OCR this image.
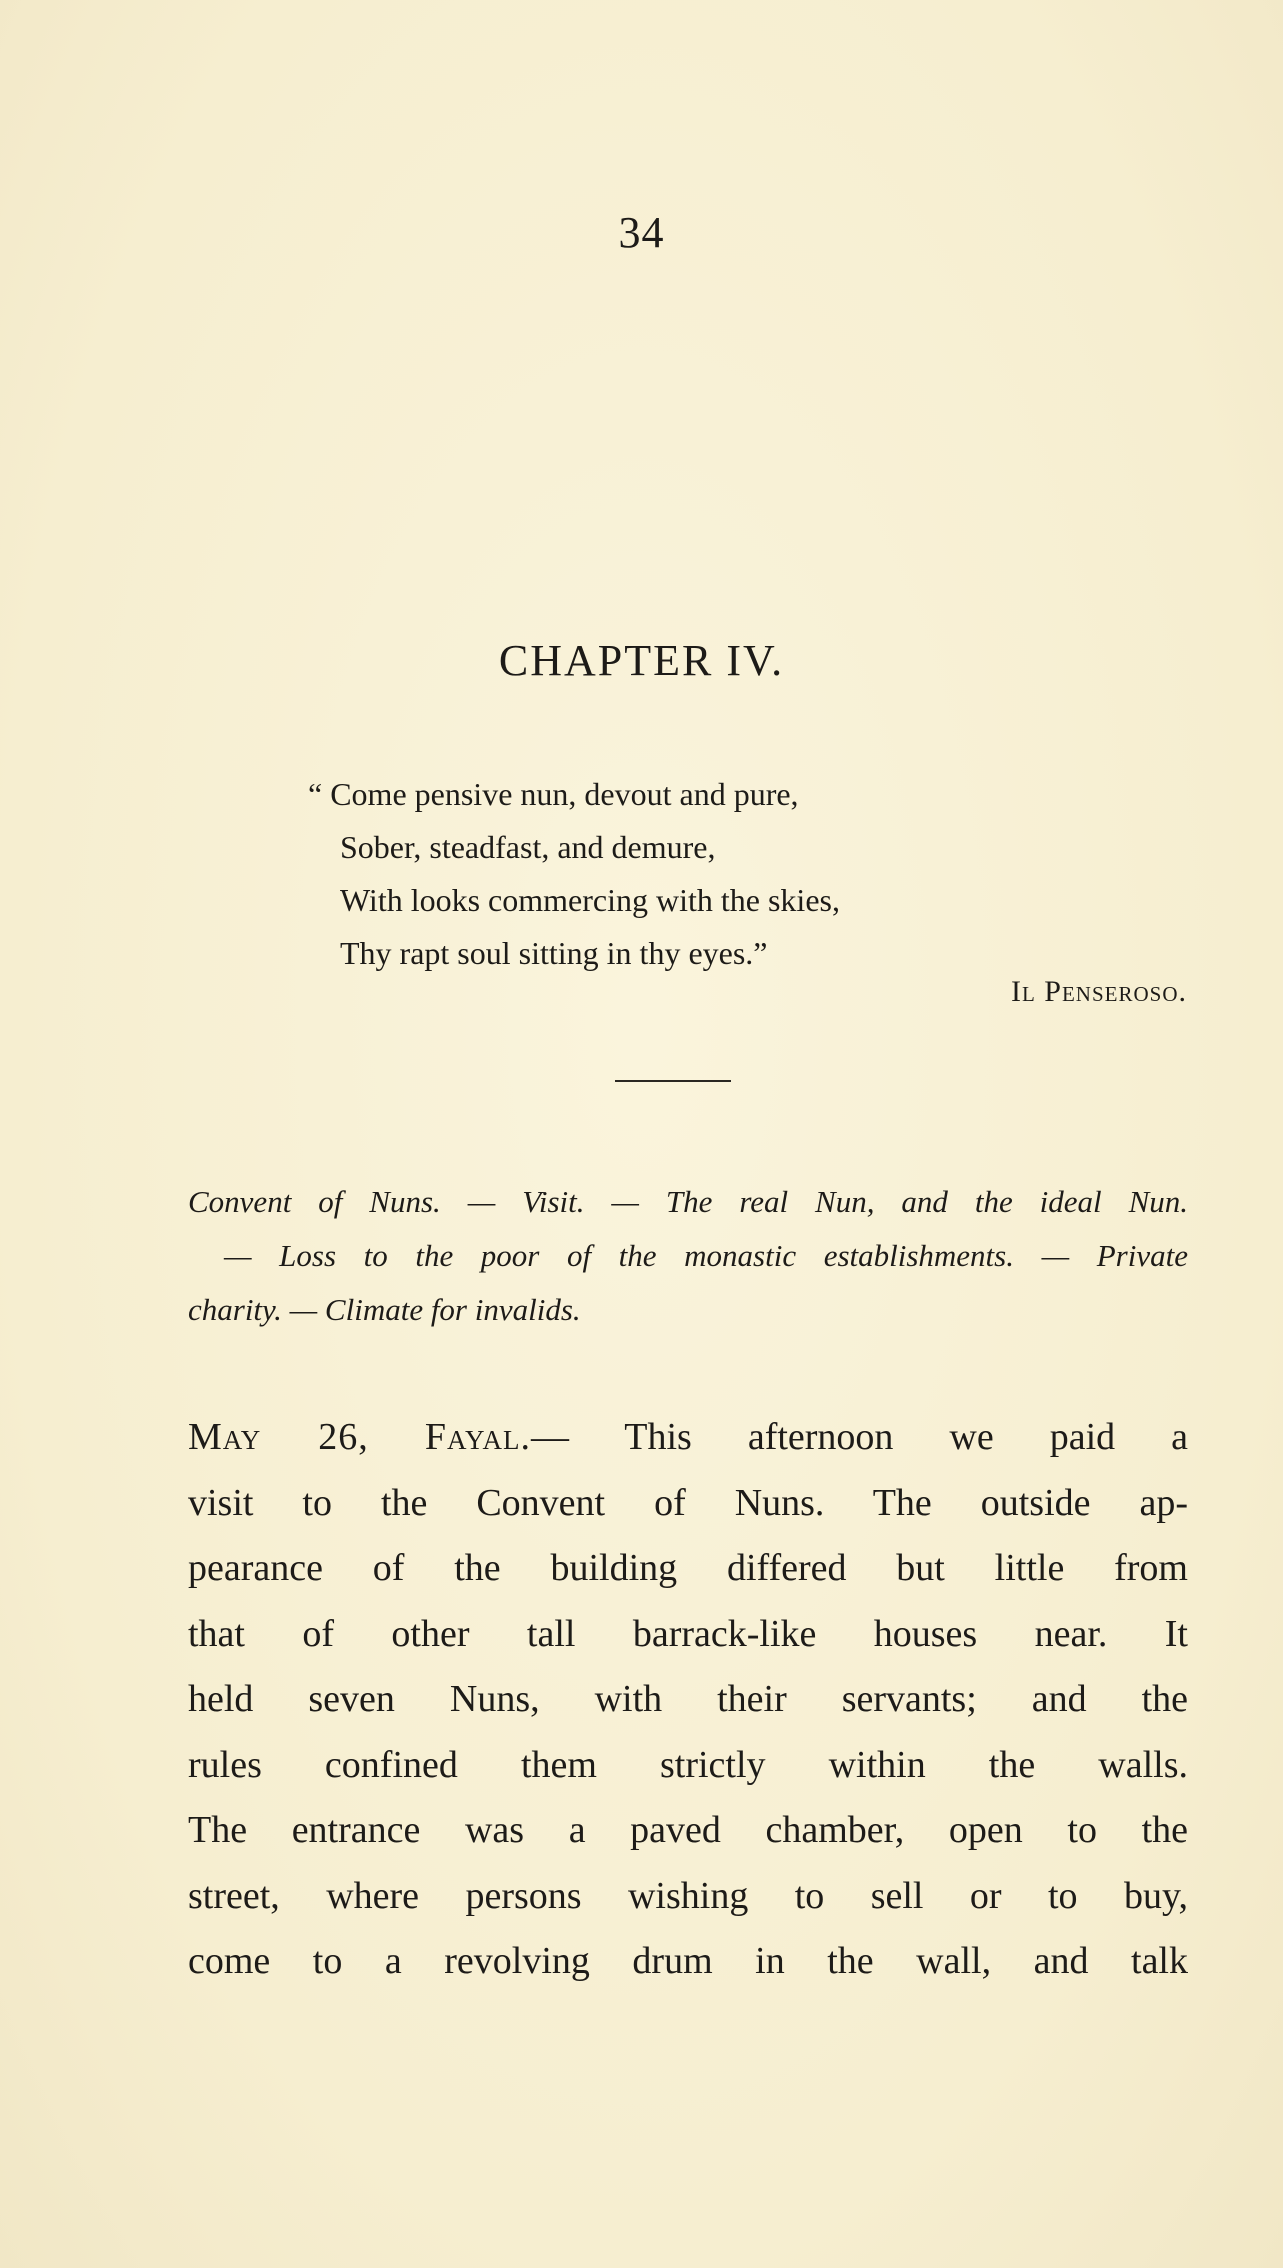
34
CHAPTER IV.
“ Come pensive nun, devout and pure,
Sober, steadfast, and demure,
With looks commercing with the skies,
Thy rapt soul sitting in thy eyes.”
Il Penseroso.
Convent of Nuns. — Visit. — The real Nun, and the ideal Nun.
— Loss to the poor of the monastic establishments. — Private
charity. — Climate for invalids.
May 26, Fayal.— This afternoon we paid a
visit to the Convent of Nuns. The outside ap-
pearance of the building differed but little from
that of other tall barrack-like houses near. It
held seven Nuns, with their servants; and the
rules confined them strictly within the walls.
The entrance was a paved chamber, open to the
street, where persons wishing to sell or to buy,
come to a revolving drum in the wall, and talk
